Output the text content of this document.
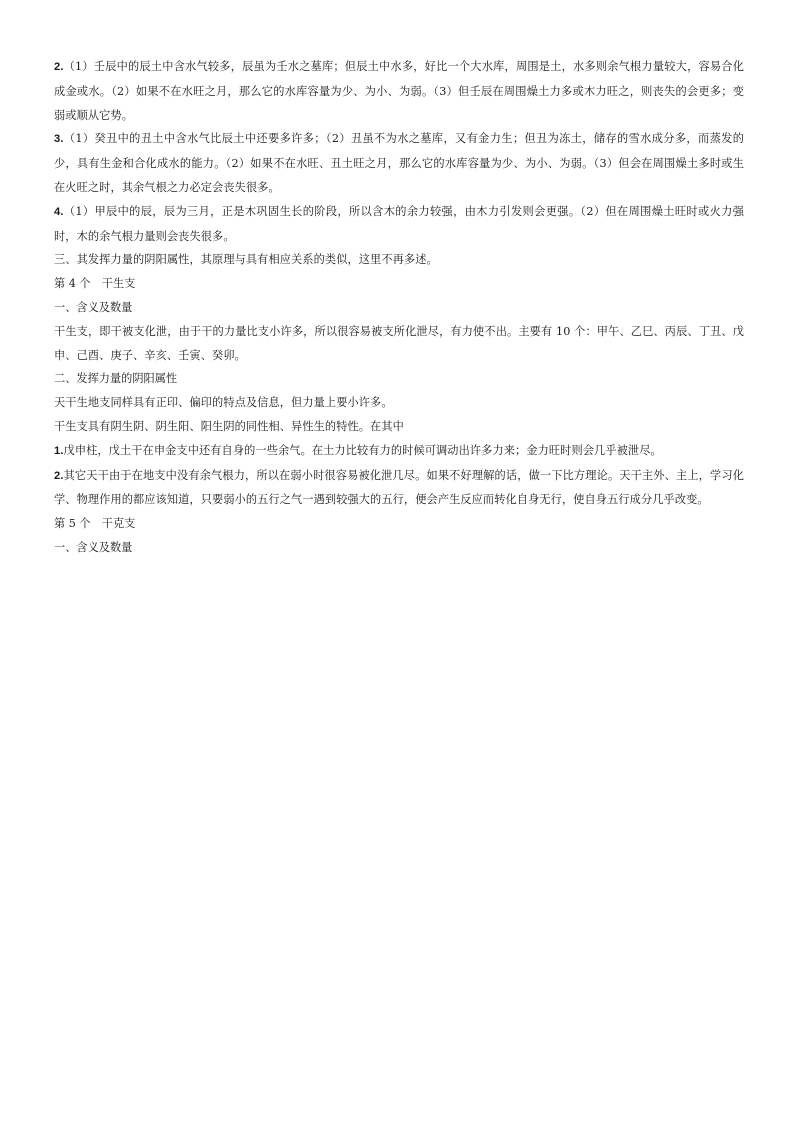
2.（1）壬辰中的辰土中含水气较多，辰虽为壬水之墓库；但辰土中水多，好比一个大水库，周围是土，水多则余气根力量较大，容易合化成金或水。（2）如果不在水旺之月，那么它的水库容量为少、为小、为弱。（3）但壬辰在周围燥土力多或木力旺之，则丧失的会更多；变弱或顺从它势。

3.（1）癸丑中的丑土中含水气比辰土中还要多许多；（2）丑虽不为水之墓库，又有金力生；但丑为冻土，储存的雪水成分多，而蒸发的少，具有生金和合化成水的能力。（2）如果不在水旺、丑土旺之月，那么它的水库容量为少、为小、为弱。（3）但会在周围燥土多时或生在火旺之时，其余气根之力必定会丧失很多。

4.（1）甲辰中的辰，辰为三月，正是木巩固生长的阶段，所以含木的余力较强，由木力引发则会更强。（2）但在周围燥土旺时或火力强时，木的余气根力量则会丧失很多。

三、其发挥力量的阴阳属性，其原理与具有相应关系的类似，这里不再多述。

第 4 个　干生支

一、含义及数量

干生支，即干被支化泄，由于干的力量比支小许多，所以很容易被支所化泄尽，有力使不出。主要有 10 个：甲午、乙巳、丙辰、丁丑、戊申、己酉、庚子、辛亥、壬寅、癸卯。

二、发挥力量的阴阳属性

天干生地支同样具有正印、偏印的特点及信息，但力量上要小许多。

干生支具有阴生阴、阴生阳、阳生阴的同性相、异性生的特性。在其中

1.戊申柱，戊土干在申金支中还有自身的一些余气。在土力比较有力的时候可调动出许多力来；金力旺时则会几乎被泄尽。

2.其它天干由于在地支中没有余气根力，所以在弱小时很容易被化泄几尽。如果不好理解的话，做一下比方理论。天干主外、主上，学习化学、物理作用的都应该知道，只要弱小的五行之气一遇到较强大的五行，便会产生反应而转化自身无行，使自身五行成分几乎改变。

第 5 个　干克支

一、含义及数量
